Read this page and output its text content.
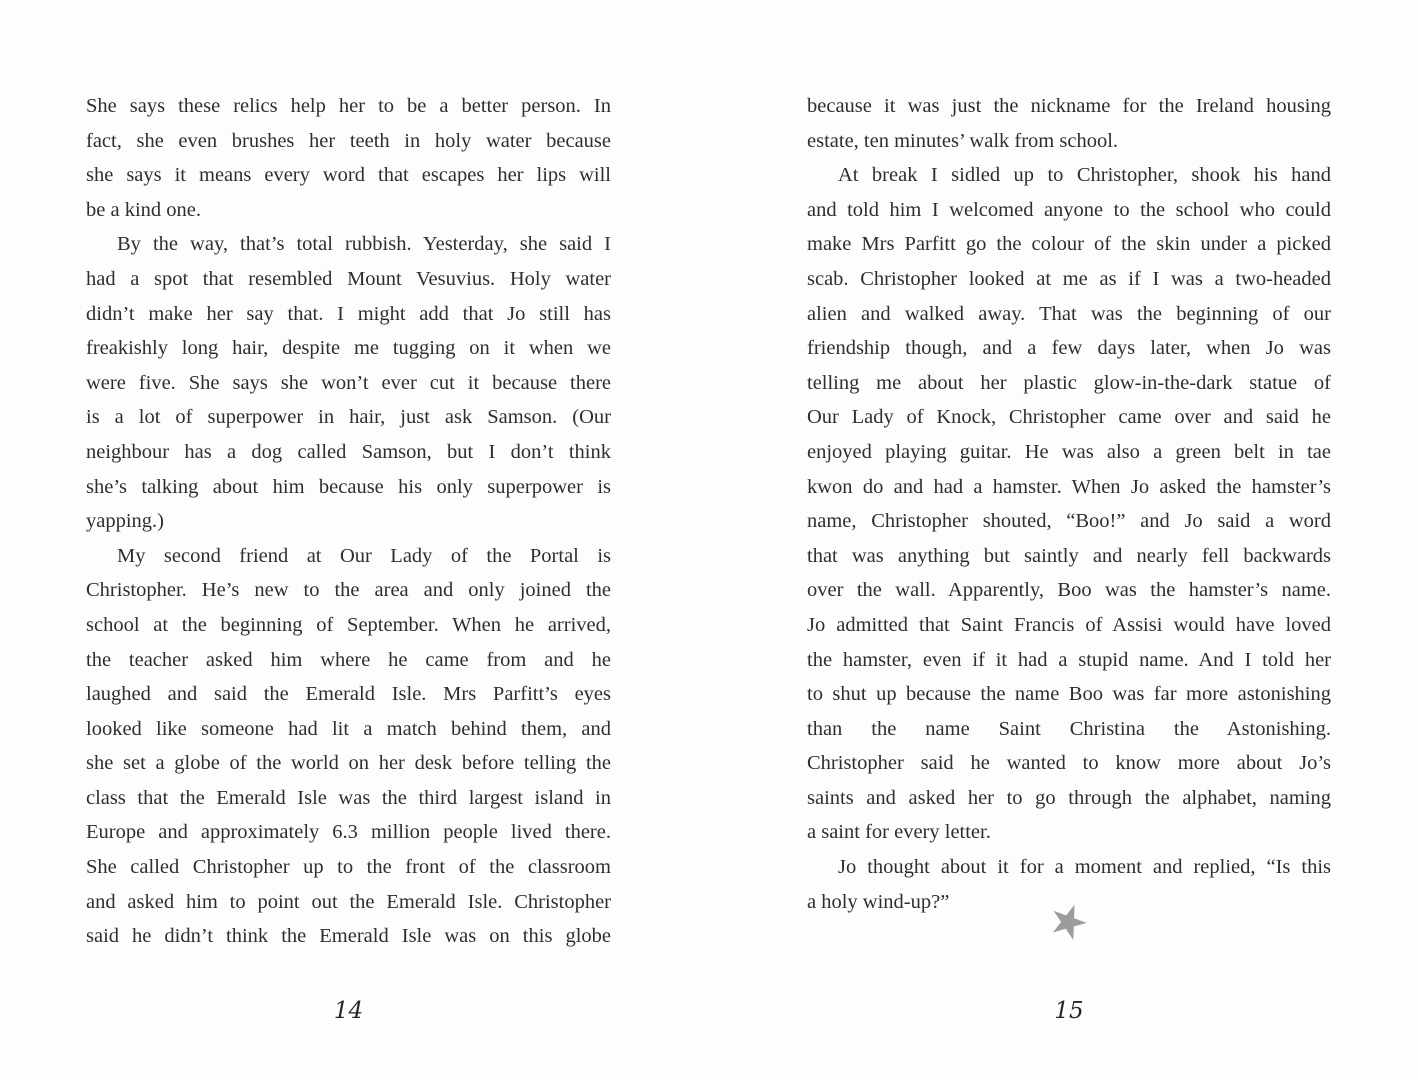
She says these relics help her to be a better person. In
fact, she even brushes her teeth in holy water because
she says it means every word that escapes her lips will
be a kind one.
By the way, that’s total rubbish. Yesterday, she said I
had a spot that resembled Mount Vesuvius. Holy water
didn’t make her say that. I might add that Jo still has
freakishly long hair, despite me tugging on it when we
were five. She says she won’t ever cut it because there
is a lot of superpower in hair, just ask Samson. (Our
neighbour has a dog called Samson, but I don’t think
she’s talking about him because his only superpower is
yapping.)
My second friend at Our Lady of the Portal is
Christopher. He’s new to the area and only joined the
school at the beginning of September. When he arrived,
the teacher asked him where he came from and he
laughed and said the Emerald Isle. Mrs Parfitt’s eyes
looked like someone had lit a match behind them, and
she set a globe of the world on her desk before telling the
class that the Emerald Isle was the third largest island in
Europe and approximately 6.3 million people lived there.
She called Christopher up to the front of the classroom
and asked him to point out the Emerald Isle. Christopher
said he didn’t think the Emerald Isle was on this globe
because it was just the nickname for the Ireland housing
estate, ten minutes’ walk from school.
At break I sidled up to Christopher, shook his hand
and told him I welcomed anyone to the school who could
make Mrs Parfitt go the colour of the skin under a picked
scab. Christopher looked at me as if I was a two-headed
alien and walked away. That was the beginning of our
friendship though, and a few days later, when Jo was
telling me about her plastic glow-in-the-dark statue of
Our Lady of Knock, Christopher came over and said he
enjoyed playing guitar. He was also a green belt in tae
kwon do and had a hamster. When Jo asked the hamster’s
name, Christopher shouted, “Boo!” and Jo said a word
that was anything but saintly and nearly fell backwards
over the wall. Apparently, Boo was the hamster’s name.
Jo admitted that Saint Francis of Assisi would have loved
the hamster, even if it had a stupid name. And I told her
to shut up because the name Boo was far more astonishing
than the name Saint Christina the Astonishing.
Christopher said he wanted to know more about Jo’s
saints and asked her to go through the alphabet, naming
a saint for every letter.
Jo thought about it for a moment and replied, “Is this
a holy wind-up?”	★
14	15
